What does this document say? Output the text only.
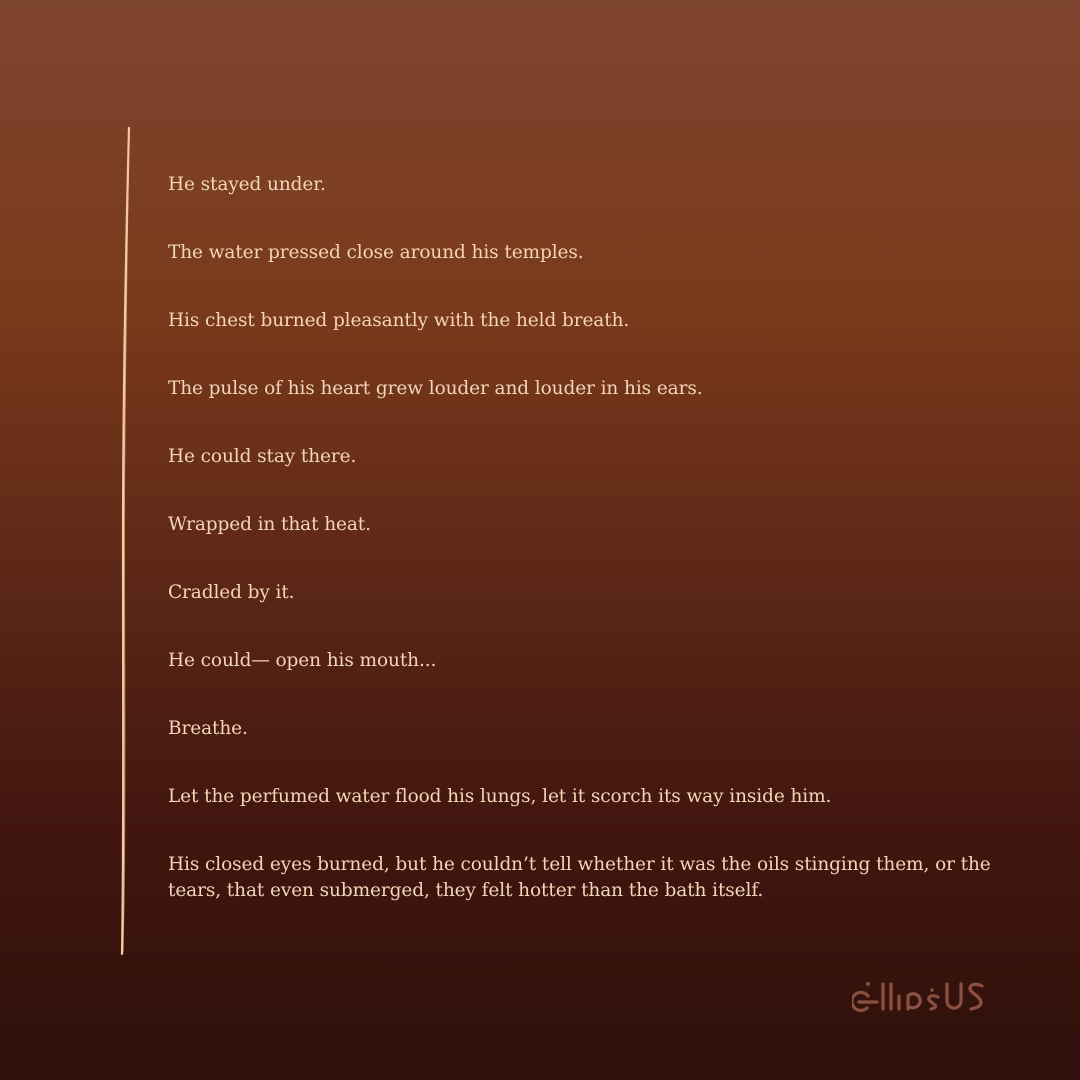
He stayed under.
The water pressed close around his temples.
His chest burned pleasantly with the held breath.
The pulse of his heart grew louder and louder in his ears.
He could stay there.
Wrapped in that heat.
Cradled by it.
He could— open his mouth...
Breathe.
Let the perfumed water flood his lungs, let it scorch its way inside him.
His closed eyes burned, but he couldn’t tell whether it was the oils stinging them, or the tears, that even submerged, they felt hotter than the bath itself.
